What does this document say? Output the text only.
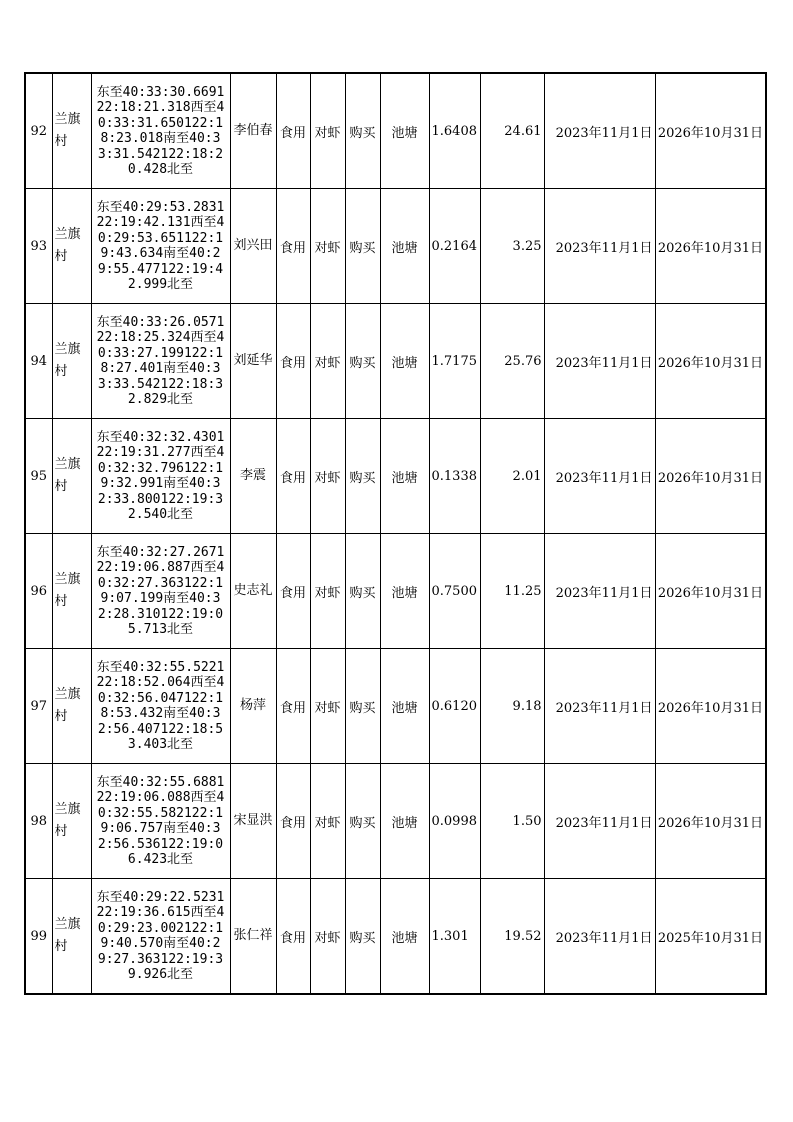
92	兰旗村	东至40:33:30.669122:18:21.318西至40:33:31.650122:18:23.018南至40:33:31.542122:18:20.428北至	李伯春	食用	对虾	购买	池塘	1.6408	24.61	2023年11月1日	2026年10月31日
93	兰旗村	东至40:29:53.283122:19:42.131西至40:29:53.651122:19:43.634南至40:29:55.477122:19:42.999北至	刘兴田	食用	对虾	购买	池塘	0.2164	3.25	2023年11月1日	2026年10月31日
94	兰旗村	东至40:33:26.057122:18:25.324西至40:33:27.199122:18:27.401南至40:33:33.542122:18:32.829北至	刘延华	食用	对虾	购买	池塘	1.7175	25.76	2023年11月1日	2026年10月31日
95	兰旗村	东至40:32:32.430122:19:31.277西至40:32:32.796122:19:32.991南至40:32:33.800122:19:32.540北至	李震	食用	对虾	购买	池塘	0.1338	2.01	2023年11月1日	2026年10月31日
96	兰旗村	东至40:32:27.267122:19:06.887西至40:32:27.363122:19:07.199南至40:32:28.310122:19:05.713北至	史志礼	食用	对虾	购买	池塘	0.7500	11.25	2023年11月1日	2026年10月31日
97	兰旗村	东至40:32:55.522122:18:52.064西至40:32:56.047122:18:53.432南至40:32:56.407122:18:53.403北至	杨萍	食用	对虾	购买	池塘	0.6120	9.18	2023年11月1日	2026年10月31日
98	兰旗村	东至40:32:55.688122:19:06.088西至40:32:55.582122:19:06.757南至40:32:56.536122:19:06.423北至	宋显洪	食用	对虾	购买	池塘	0.0998	1.50	2023年11月1日	2026年10月31日
99	兰旗村	东至40:29:22.523122:19:36.615西至40:29:23.002122:19:40.570南至40:29:27.363122:19:39.926北至	张仁祥	食用	对虾	购买	池塘	1.301	19.52	2023年11月1日	2025年10月31日
